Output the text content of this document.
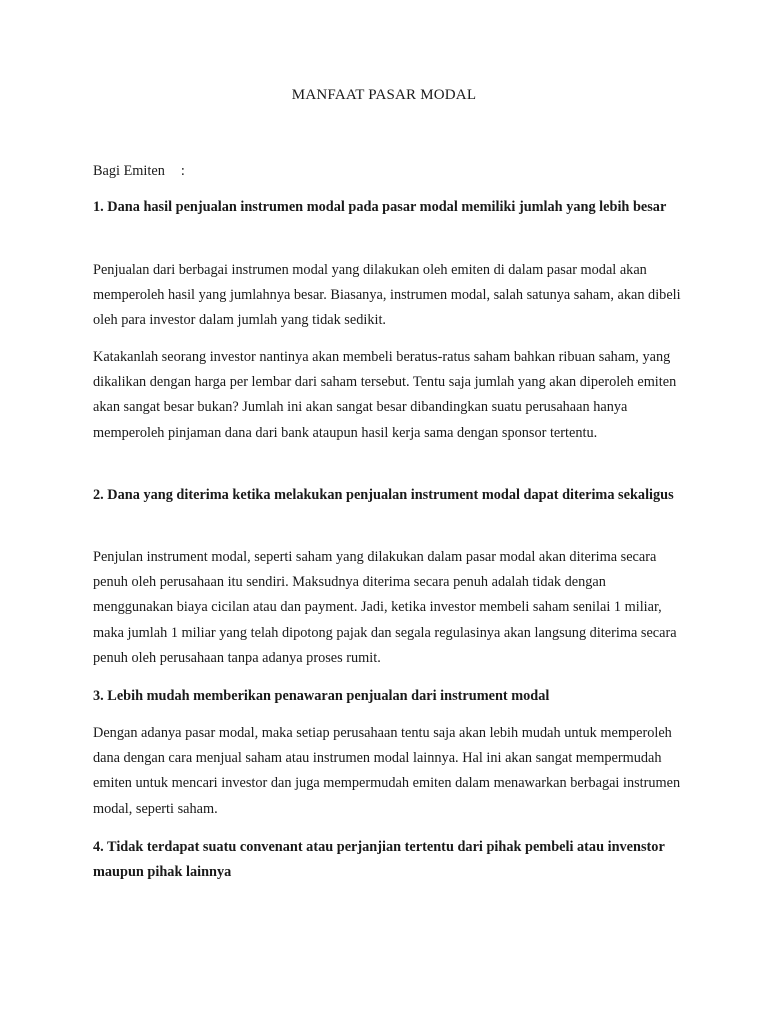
MANFAAT PASAR MODAL
Bagi Emiten :
1. Dana hasil penjualan instrumen modal pada pasar modal memiliki jumlah yang lebih besar
Penjualan dari berbagai instrumen modal yang dilakukan oleh emiten di dalam pasar modal akan memperoleh hasil yang jumlahnya besar. Biasanya, instrumen modal, salah satunya saham, akan dibeli oleh para investor dalam jumlah yang tidak sedikit.
Katakanlah seorang investor nantinya akan membeli beratus-ratus saham bahkan ribuan saham, yang dikalikan dengan harga per lembar dari saham tersebut. Tentu saja jumlah yang akan diperoleh emiten akan sangat besar bukan? Jumlah ini akan sangat besar dibandingkan suatu perusahaan hanya memperoleh pinjaman dana dari bank ataupun hasil kerja sama dengan sponsor tertentu.
2. Dana yang diterima ketika melakukan penjualan instrument modal dapat diterima sekaligus
Penjulan instrument modal, seperti saham yang dilakukan dalam pasar modal akan diterima secara penuh oleh perusahaan itu sendiri. Maksudnya diterima secara penuh adalah tidak dengan menggunakan biaya cicilan atau dan payment. Jadi, ketika investor membeli saham senilai 1 miliar, maka jumlah 1 miliar yang telah dipotong pajak dan segala regulasinya akan langsung diterima secara penuh oleh perusahaan tanpa adanya proses rumit.
3. Lebih mudah memberikan penawaran penjualan dari instrument modal
Dengan adanya pasar modal, maka setiap perusahaan tentu saja akan lebih mudah untuk memperoleh dana dengan cara menjual saham atau instrumen modal lainnya. Hal ini akan sangat mempermudah emiten untuk mencari investor dan juga mempermudah emiten dalam menawarkan berbagai instrumen modal, seperti saham.
4. Tidak terdapat suatu convenant atau perjanjian tertentu dari pihak pembeli atau invenstor maupun pihak lainnya
